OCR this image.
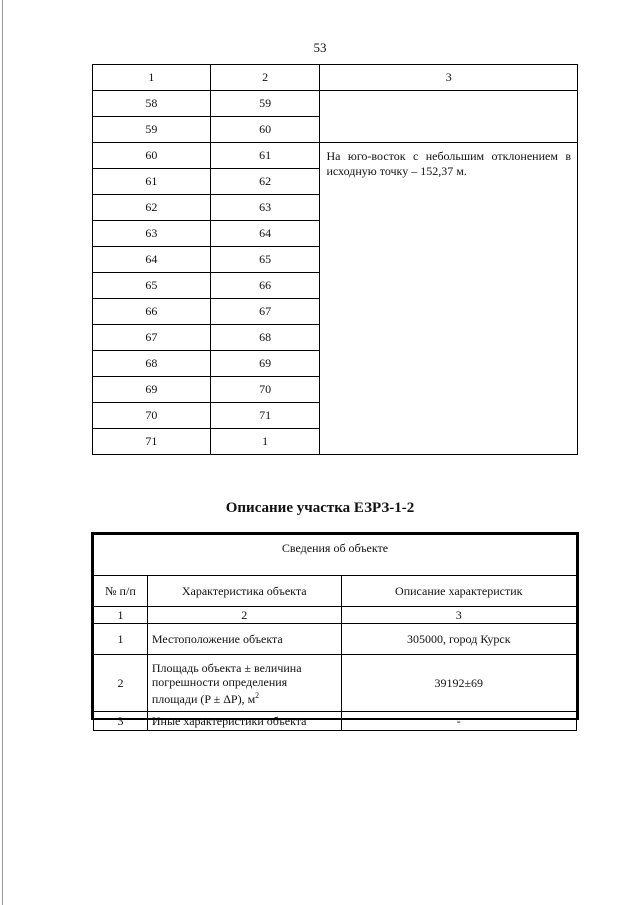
53
1	2	3
58	59	
59	60	
60	61	На юго-восток с небольшим отклонением в исходную точку – 152,37 м.
61	62	
62	63	
63	64	
64	65	
65	66	
66	67	
67	68	
68	69	
69	70	
70	71	
71	1	
Описание участка ЕЗРЗ-1-2
Сведения об объекте		
№ п/п	Характеристика объекта	Описание характеристик
1	2	3
1	Местоположение объекта	305000, город Курск
2	Площадь объекта ± величина
погрешности определения
площади (P ± ΔP), $м^2$	39192±69
3	Иные характеристики объекта	-
